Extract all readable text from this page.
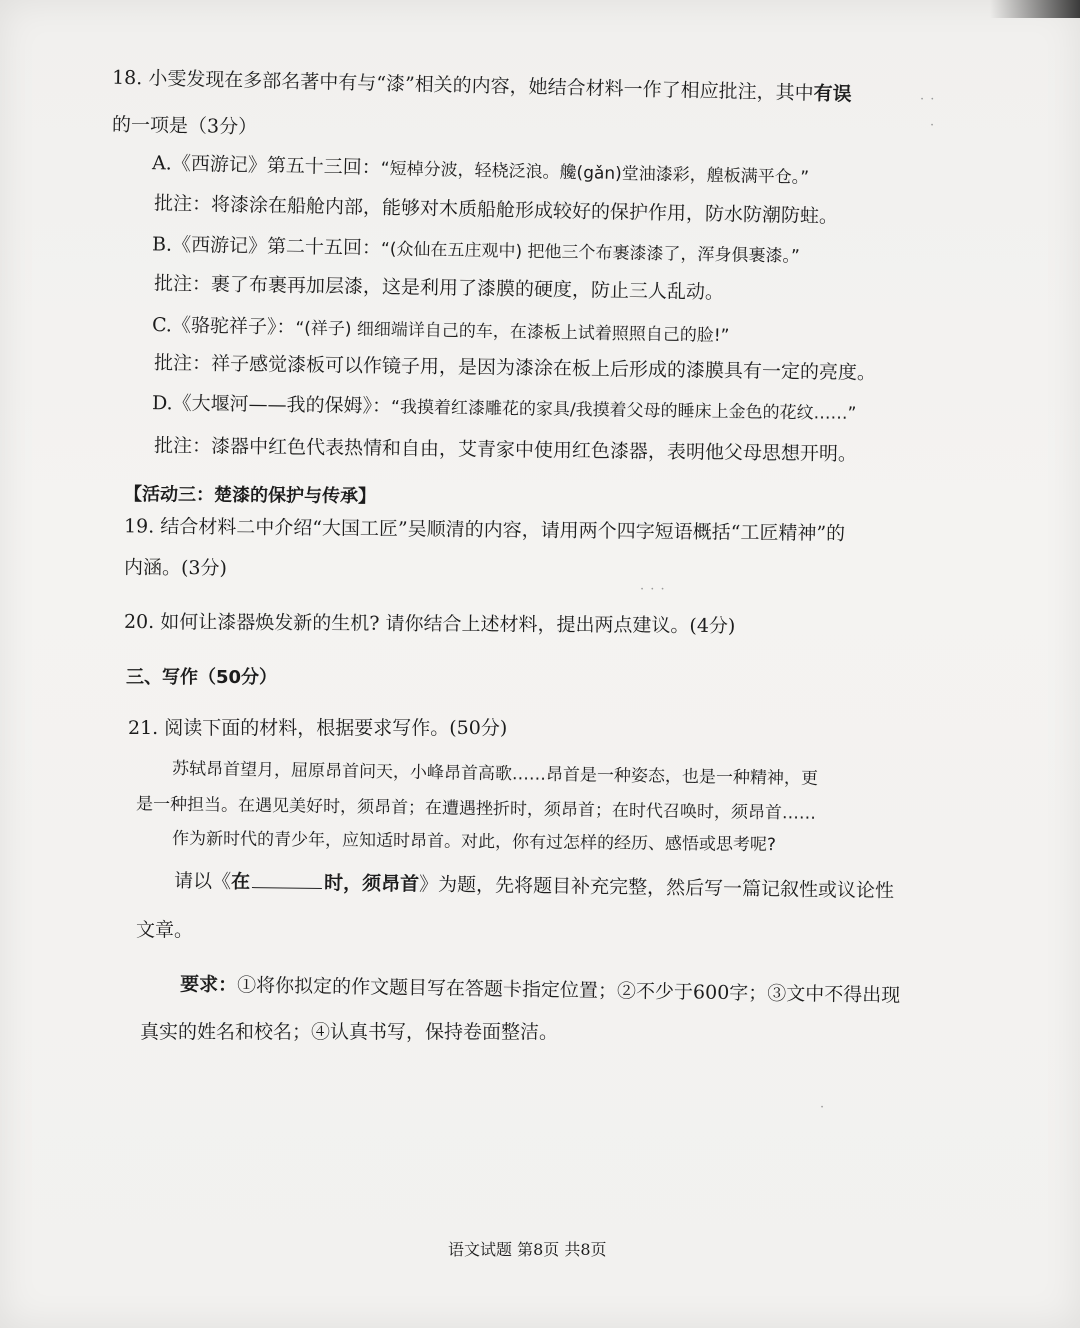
· ·
·
· · ·
·
18. 小雯发现在多部名著中有与“漆”相关的内容，她结合材料一作了相应批注，其中有误
的一项是（3分）
A.《西游记》第五十三回：“短棹分波，轻桡泛浪。艬(gǎn)堂油漆彩，艎板满平仓。”
批注：将漆涂在船舱内部，能够对木质船舱形成较好的保护作用，防水防潮防蛀。
B.《西游记》第二十五回：“(众仙在五庄观中) 把他三个布裹漆漆了，浑身俱裹漆。”
批注：裹了布裹再加层漆，这是利用了漆膜的硬度，防止三人乱动。
C.《骆驼祥子》：“(祥子) 细细端详自己的车，在漆板上试着照照自己的脸!”
批注：祥子感觉漆板可以作镜子用，是因为漆涂在板上后形成的漆膜具有一定的亮度。
D.《大堰河——我的保姆》：“我摸着红漆雕花的家具/我摸着父母的睡床上金色的花纹……”
批注：漆器中红色代表热情和自由，艾青家中使用红色漆器，表明他父母思想开明。
【活动三：楚漆的保护与传承】
19. 结合材料二中介绍“大国工匠”吴顺清的内容，请用两个四字短语概括“工匠精神”的
内涵。(3分)
20. 如何让漆器焕发新的生机? 请你结合上述材料，提出两点建议。(4分)
三、写作（50分）
21. 阅读下面的材料，根据要求写作。(50分)
苏轼昂首望月，屈原昂首问天，小峰昂首高歌……昂首是一种姿态，也是一种精神，更
是一种担当。在遇见美好时，须昂首；在遭遇挫折时，须昂首；在时代召唤时，须昂首……
作为新时代的青少年，应知适时昂首。对此，你有过怎样的经历、感悟或思考呢?
请以《在	时，须昂首》为题，先将题目补充完整，然后写一篇记叙性或议论性
文章。
要求：①将你拟定的作文题目写在答题卡指定位置；②不少于600字；③文中不得出现
真实的姓名和校名；④认真书写，保持卷面整洁。
语文试题 第8页 共8页
